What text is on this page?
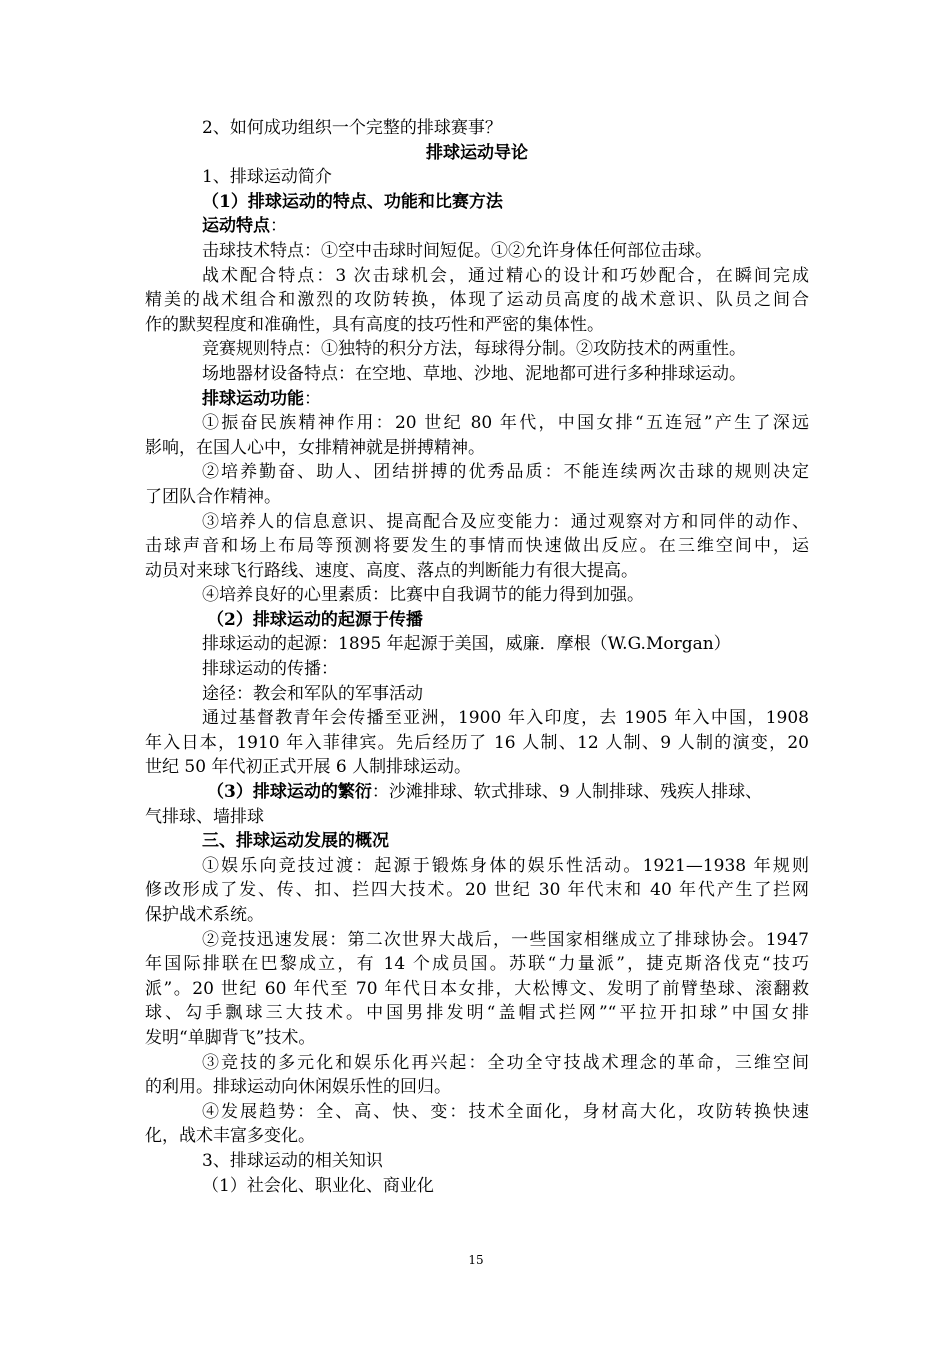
2、如何成功组织一个完整的排球赛事？
排球运动导论
1、排球运动简介
（1）排球运动的特点、功能和比赛方法
运动特点：
击球技术特点：①空中击球时间短促。①②允许身体任何部位击球。
战术配合特点：3 次击球机会，通过精心的设计和巧妙配合，在瞬间完成
精美的战术组合和激烈的攻防转换，体现了运动员高度的战术意识、队员之间合
作的默契程度和准确性，具有高度的技巧性和严密的集体性。
竞赛规则特点：①独特的积分方法，每球得分制。②攻防技术的两重性。
场地器材设备特点：在空地、草地、沙地、泥地都可进行多种排球运动。
排球运动功能：
①振奋民族精神作用：20 世纪 80 年代，中国女排“五连冠”产生了深远
影响，在国人心中，女排精神就是拼搏精神。
②培养勤奋、助人、团结拼搏的优秀品质：不能连续两次击球的规则决定
了团队合作精神。
③培养人的信息意识、提高配合及应变能力：通过观察对方和同伴的动作、
击球声音和场上布局等预测将要发生的事情而快速做出反应。在三维空间中，运
动员对来球飞行路线、速度、高度、落点的判断能力有很大提高。
④培养良好的心里素质：比赛中自我调节的能力得到加强。
（2）排球运动的起源于传播
排球运动的起源：1895 年起源于美国，威廉．摩根（W.G.Morgan）
排球运动的传播：
途径：教会和军队的军事活动
通过基督教青年会传播至亚洲，1900 年入印度，去 1905 年入中国，1908
年入日本，1910 年入菲律宾。先后经历了 16 人制、12 人制、9 人制的演变，20
世纪 50 年代初正式开展 6 人制排球运动。
（3）排球运动的繁衍：沙滩排球、软式排球、9 人制排球、残疾人排球、
气排球、墙排球
三、排球运动发展的概况
①娱乐向竞技过渡：起源于锻炼身体的娱乐性活动。1921—1938 年规则
修改形成了发、传、扣、拦四大技术。20 世纪 30 年代末和 40 年代产生了拦网
保护战术系统。
②竞技迅速发展：第二次世界大战后，一些国家相继成立了排球协会。1947
年国际排联在巴黎成立，有 14 个成员国。苏联“力量派”，捷克斯洛伐克“技巧
派”。20 世纪 60 年代至 70 年代日本女排，大松博文、发明了前臂垫球、滚翻救
球、勾手飘球三大技术。中国男排发明“盖帽式拦网”“平拉开扣球”中国女排
发明“单脚背飞”技术。
③竞技的多元化和娱乐化再兴起：全功全守技战术理念的革命，三维空间
的利用。排球运动向休闲娱乐性的回归。
④发展趋势：全、高、快、变：技术全面化，身材高大化，攻防转换快速
化，战术丰富多变化。
3、排球运动的相关知识
（1）社会化、职业化、商业化
15
